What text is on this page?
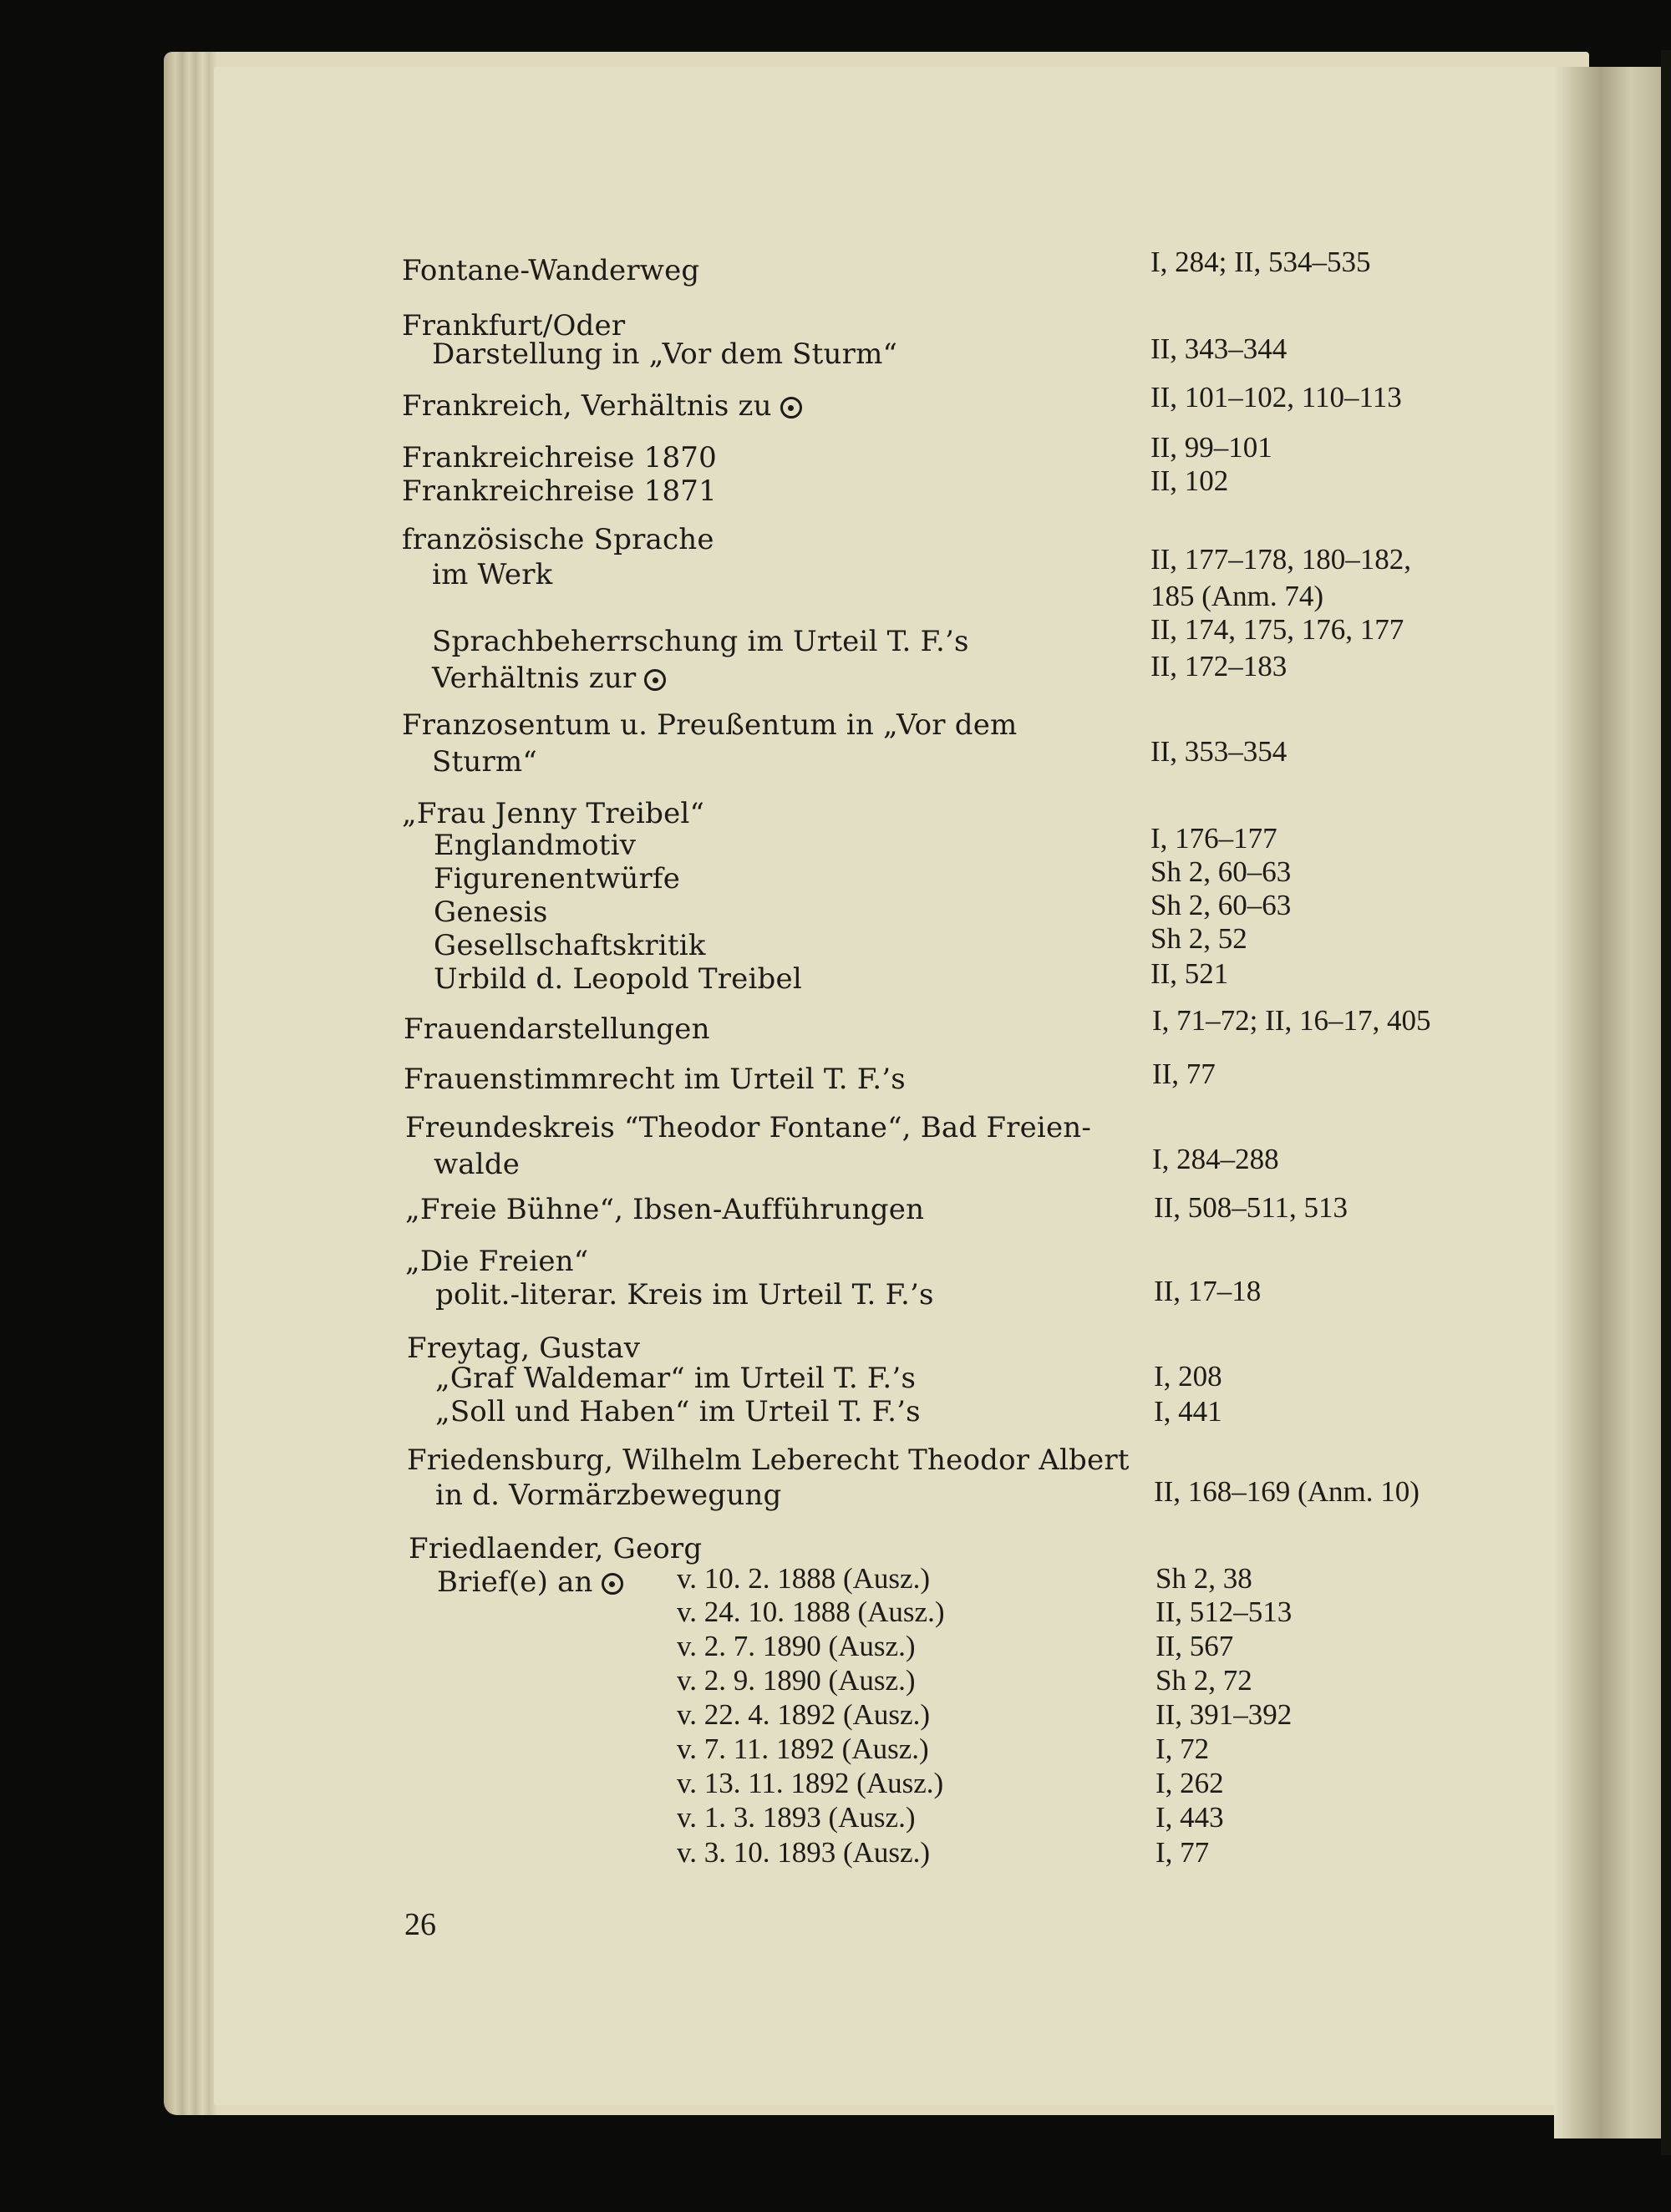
Fontane-Wanderweg	I, 284; II, 534–535
Frankfurt/Oder
Darstellung in „Vor dem Sturm“	II, 343–344
Frankreich, Verhältnis zu	II, 101–102, 110–113
Frankreichreise 1870	II, 99–101
Frankreichreise 1871	II, 102
französische Sprache
im Werk	II, 177–178, 180–182,
185 (Anm. 74)
Sprachbeherrschung im Urteil T. F.’s	II, 174, 175, 176, 177
Verhältnis zur	II, 172–183
Franzosentum u. Preußentum in „Vor dem
Sturm“	II, 353–354
„Frau Jenny Treibel“
Englandmotiv	I, 176–177
Figurenentwürfe	Sh 2, 60–63
Genesis	Sh 2, 60–63
Gesellschaftskritik	Sh 2, 52
Urbild d. Leopold Treibel	II, 521
Frauendarstellungen	I, 71–72; II, 16–17, 405
Frauenstimmrecht im Urteil T. F.’s	II, 77
Freundeskreis “Theodor Fontane“, Bad Freien-
walde	I, 284–288
„Freie Bühne“, Ibsen-Aufführungen	II, 508–511, 513
„Die Freien“
polit.-literar. Kreis im Urteil T. F.’s	II, 17–18
Freytag, Gustav
„Graf Waldemar“ im Urteil T. F.’s	I, 208
„Soll und Haben“ im Urteil T. F.’s	I, 441
Friedensburg, Wilhelm Leberecht Theodor Albert
in d. Vormärzbewegung	II, 168–169 (Anm. 10)
Friedlaender, Georg
Brief(e) an	v. 10. 2. 1888 (Ausz.)	Sh 2, 38
v. 24. 10. 1888 (Ausz.)	II, 512–513
v. 2. 7. 1890 (Ausz.)	II, 567
v. 2. 9. 1890 (Ausz.)	Sh 2, 72
v. 22. 4. 1892 (Ausz.)	II, 391–392
v. 7. 11. 1892 (Ausz.)	I, 72
v. 13. 11. 1892 (Ausz.)	I, 262
v. 1. 3. 1893 (Ausz.)	I, 443
v. 3. 10. 1893 (Ausz.)	I, 77
26
